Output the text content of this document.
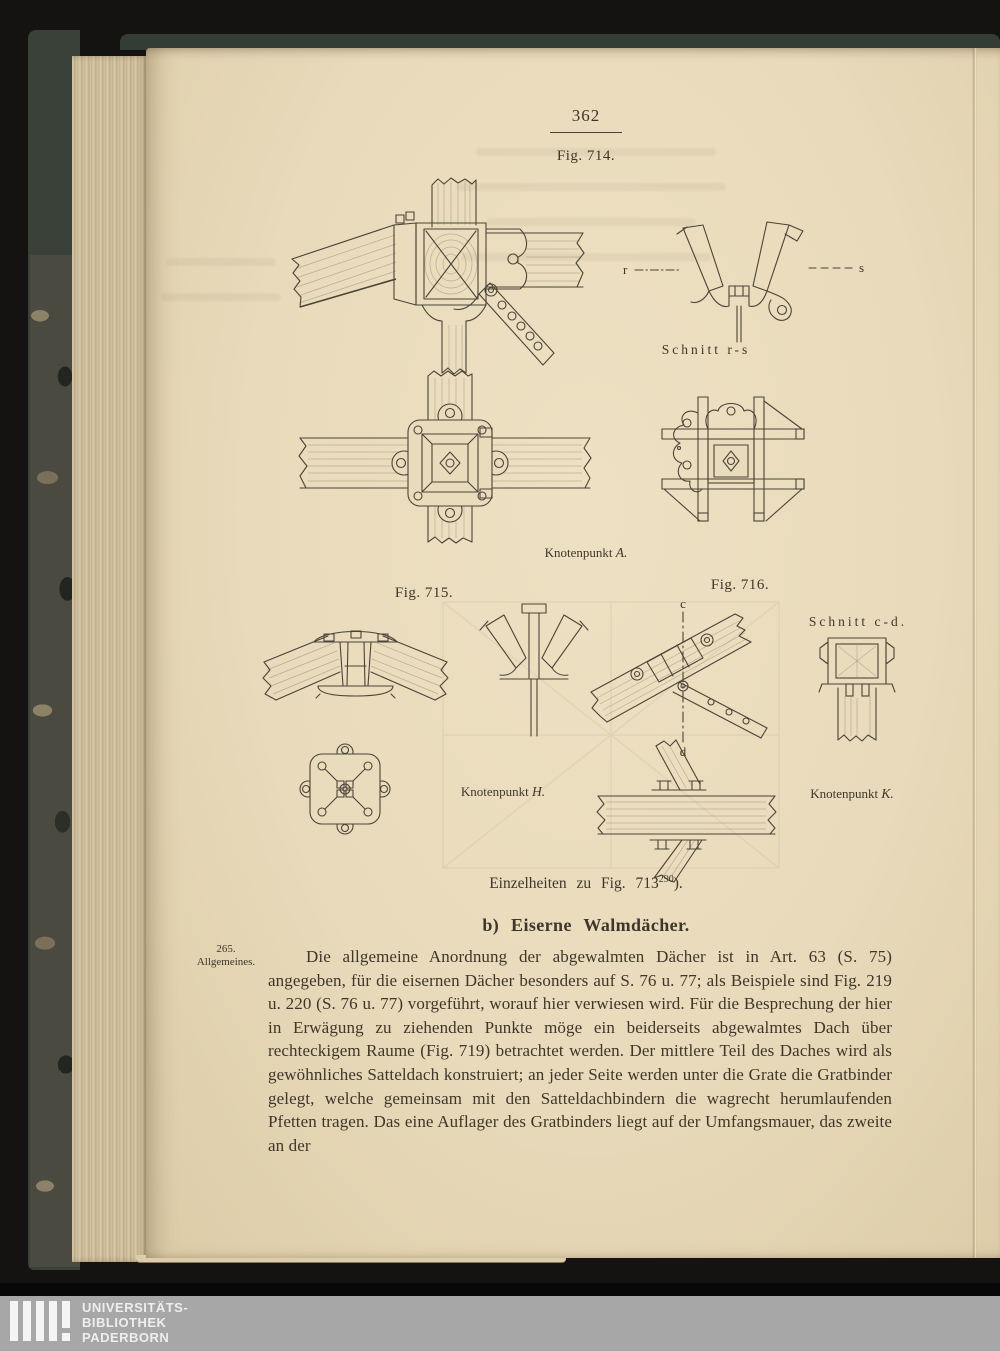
362
Fig. 714.
r	s
Schnitt r-s
Knotenpunkt A.
Fig. 715.	Fig. 716.
c
d
Schnitt c-d.
Knotenpunkt H.	Knotenpunkt K.
Einzelheiten zu Fig. $713^{290}$).
b) Eiserne Walmdächer.
265.
Allgemeines.	Die allgemeine Anordnung der abgewalmten Dächer ist in Art. 63 (S. 75) angegeben, für die eisernen Dächer besonders auf S. 76 u. 77; als Beispiele sind Fig. 219 u. 220 (S. 76 u. 77) vorgeführt, worauf hier verwiesen wird. Für die Besprechung der hier in Erwägung zu ziehenden Punkte möge ein beiderseits abgewalmtes Dach über rechteckigem Raume (Fig. 719) betrachtet werden. Der mittlere Teil des Daches wird als gewöhnliches Satteldach konstruiert; an jeder Seite werden unter die Grate die Gratbinder gelegt, welche gemeinsam mit den Satteldachbindern die wagrecht herumlaufenden Pfetten tragen. Das eine Auflager des Gratbinders liegt auf der Umfangsmauer, das zweite an der

UNIVERSITÄTS-
BIBLIOTHEK
PADERBORN
